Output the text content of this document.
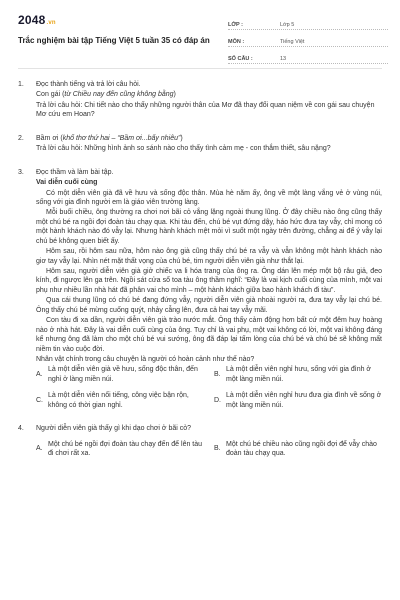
2048.vn
Trắc nghiệm bài tập Tiếng Việt 5 tuần 35 có đáp án
LỚP :	Lớp 5
MÔN :	Tiếng Việt
SỐ CÂU :	13
1.	Đọc thành tiếng và trả lời câu hỏi.

Con gái (từ Chiều nay đến cũng không bằng)

Trả lời câu hỏi: Chi tiết nào cho thấy những người thân của Mơ đã thay đổi quan niệm về con gái sau chuyện Mơ cứu em Hoan?

2.	Bầm ơi (khổ thơ thứ hai – “Bầm ơi...bấy nhiêu”)

Trả lời câu hỏi: Những hình ảnh so sánh nào cho thấy tình cảm mẹ - con thắm thiết, sâu nặng?

3.	Đọc thầm và làm bài tập.

Vai diễn cuối cùng

Có một diễn viên già đã về hưu và sống độc thân. Mùa hè năm ấy, ông về một làng vắng vẻ ở vùng núi, sống với gia đình người em là giáo viên trường làng.

Mỗi buổi chiều, ông thường ra chơi nơi bãi cỏ vắng lặng ngoài thung lũng. Ở đây chiều nào ông cũng thấy một chú bé ra ngồi đợi đoàn tàu chạy qua. Khi tàu đến, chú bé vụt đứng dậy, háo hức đưa tay vẫy, chỉ mong có một hành khách nào đó vẫy lại. Nhưng hành khách mệt mỏi vì suốt một ngày trên đường, chẳng ai để ý vẫy lại chú bé không quen biết ấy.

Hôm sau, rồi hôm sau nữa, hôm nào ông già cũng thấy chú bé ra vẫy và vẫn không một hành khách nào giơ tay vẫy lại. Nhìn nét mặt thất vọng của chú bé, tim người diễn viên già như thắt lại.

Hôm sau, người diễn viên già giở chiếc va li hóa trang của ông ra. Ông dán lên mép một bộ râu giả, đeo kính, đi ngược lên ga trên. Ngồi sát cửa sổ toa tàu ông thầm nghĩ: “Đây là vai kịch cuối cùng của mình, một vai phụ như nhiều lần nhà hát đã phân vai cho mình – một hành khách giữa bao hành khách đi tàu”.

Qua cái thung lũng có chú bé đang đứng vẫy, người diễn viên già nhoài người ra, đưa tay vẫy lại chú bé. Ông thấy chú bé mừng cuống quýt, nhảy cẫng lên, đưa cả hai tay vẫy mãi.

Con tàu đi xa dần, người diễn viên già trào nước mắt. Ông thấy cảm động hơn bất cứ một đêm huy hoàng nào ở nhà hát. Đây là vai diễn cuối cùng của ông. Tuy chỉ là vai phụ, một vai không có lời, một vai không đáng kể nhưng ông đã làm cho một chú bé vui sướng, ông đã đáp lại tấm lòng của chú bé và chú bé sẽ không mất niềm tin vào cuộc đời.

Nhân vật chính trong câu chuyện là người có hoàn cảnh như thế nào?

A.
Là một diễn viên già về hưu, sống độc thân, đến nghỉ ở làng miền núi.
B.
Là một diễn viên nghỉ hưu, sống với gia đình ở một làng miền núi.
C.
Là một diễn viên nổi tiếng, công việc bận rộn, không có thời gian nghỉ.
D.
Là một diễn viên nghỉ hưu đưa gia đình về sống ở một làng miền núi.
4.	Người diễn viên già thấy gì khi dạo chơi ở bãi cỏ?

A.
Một chú bé ngồi đợi đoàn tàu chạy đến để lên tàu đi chơi rất xa.
B.
Một chú bé chiều nào cũng ngồi đợi để vẫy chào đoàn tàu chạy qua.
